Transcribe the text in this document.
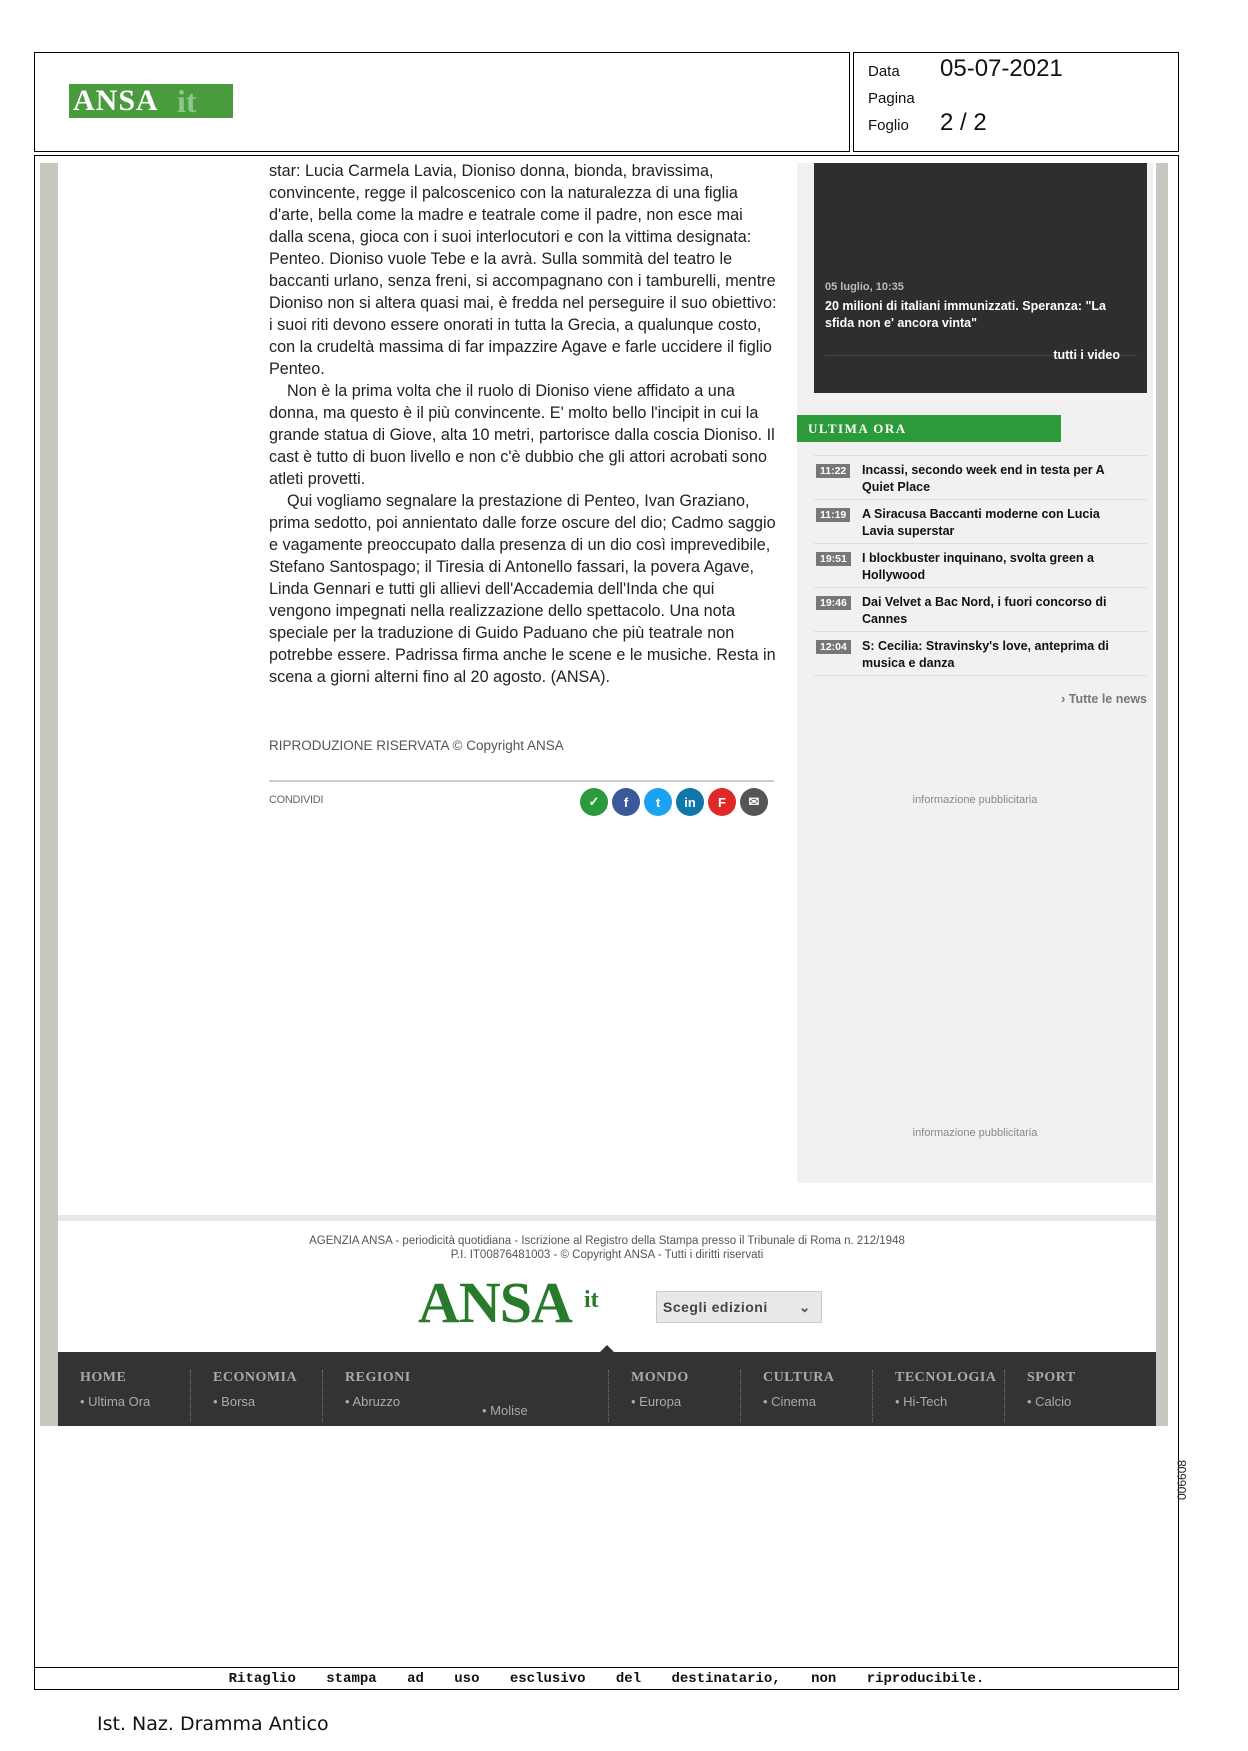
ANSA it
Data 05-07-2021
Pagina
Foglio 2 / 2

star: Lucia Carmela Lavia, Dioniso donna, bionda, bravissima, convincente, regge il palcoscenico con la naturalezza di una figlia d'arte, bella come la madre e teatrale come il padre, non esce mai dalla scena, gioca con i suoi interlocutori e con la vittima designata: Penteo. Dioniso vuole Tebe e la avrà. Sulla sommità del teatro le baccanti urlano, senza freni, si accompagnano con i tamburelli, mentre Dioniso non si altera quasi mai, è fredda nel perseguire il suo obiettivo: i suoi riti devono essere onorati in tutta la Grecia, a qualunque costo, con la crudeltà massima di far impazzire Agave e farle uccidere il figlio Penteo.

Non è la prima volta che il ruolo di Dioniso viene affidato a una donna, ma questo è il più convincente. E' molto bello l'incipit in cui la grande statua di Giove, alta 10 metri, partorisce dalla coscia Dioniso. Il cast è tutto di buon livello e non c'è dubbio che gli attori acrobati sono atleti provetti.

Qui vogliamo segnalare la prestazione di Penteo, Ivan Graziano, prima sedotto, poi annientato dalle forze oscure del dio; Cadmo saggio e vagamente preoccupato dalla presenza di un dio così imprevedibile, Stefano Santospago; il Tiresia di Antonello fassari, la povera Agave, Linda Gennari e tutti gli allievi dell'Accademia dell'Inda che qui vengono impegnati nella realizzazione dello spettacolo. Una nota speciale per la traduzione di Guido Paduano che più teatrale non potrebbe essere. Padrissa firma anche le scene e le musiche. Resta in scena a giorni alterni fino al 20 agosto. (ANSA).

RIPRODUZIONE RISERVATA © Copyright ANSA
CONDIVIDI	✓	f	t	in	F	✉
05 luglio, 10:35
20 milioni di italiani immunizzati. Speranza: "La sfida non e' ancora vinta"
tutti i video
ULTIMA ORA
11:22	Incassi, secondo week end in testa per A Quiet Place
11:19	A Siracusa Baccanti moderne con Lucia Lavia superstar
19:51	I blockbuster inquinano, svolta green a Hollywood
19:46	Dai Velvet a Bac Nord, i fuori concorso di Cannes
12:04	S: Cecilia: Stravinsky's love, anteprima di musica e danza
› Tutte le news
informazione pubblicitaria
informazione pubblicitaria
AGENZIA ANSA - periodicità quotidiana - Iscrizione al Registro della Stampa presso il Tribunale di Roma n. 212/1948
P.I. IT00876481003 - © Copyright ANSA - Tutti i diritti riservati
ANSA it	Scegli edizioni ⌄
HOME
• Ultima Ora
ECONOMIA
• Borsa
REGIONI
• Abruzzo
• Molise
MONDO
• Europa
CULTURA
• Cinema
TECNOLOGIA
• Hi-Tech
SPORT
• Calcio
Ritaglio stampa ad uso esclusivo del destinatario, non riproducibile.
006608
Ist. Naz. Dramma Antico
